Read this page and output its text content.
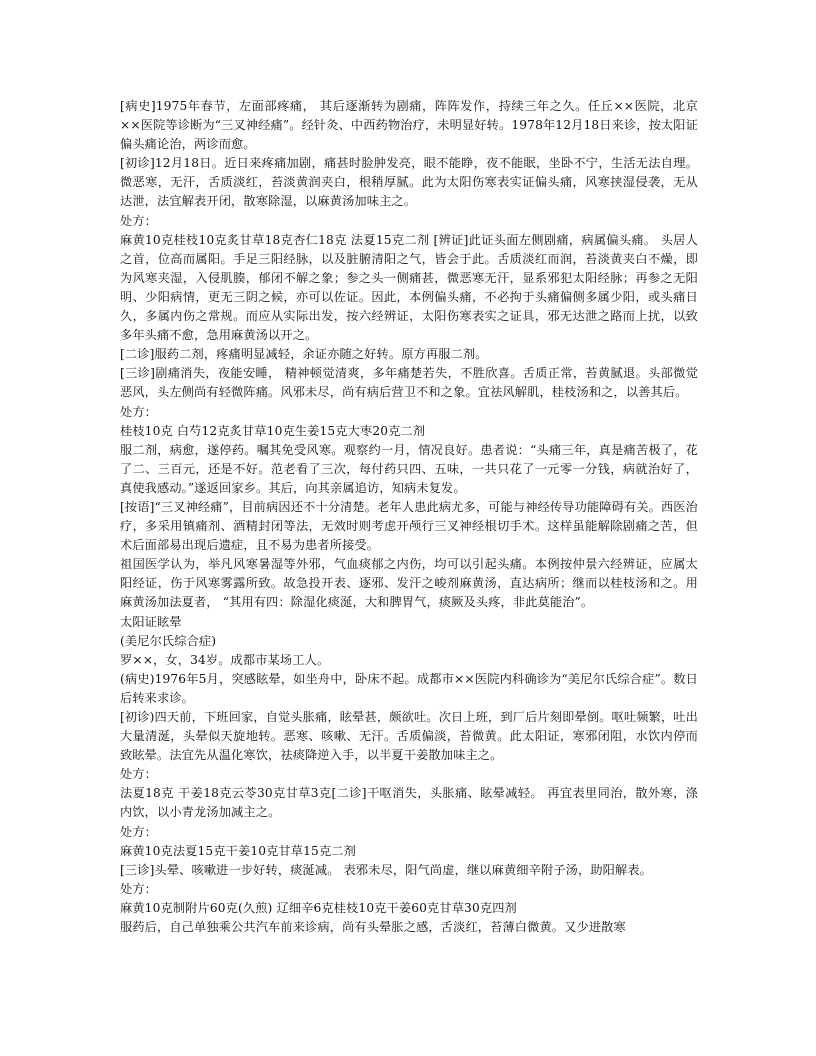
[病史]1975年春节，左面部疼痛， 其后逐渐转为剧痛，阵阵发作，持续三年之久。任丘××医院，北京××医院等诊断为“三叉神经痛”。经针灸、中西药物治疗，未明显好转。1978年12月18日来诊，按太阳证偏头痛论治，两诊而愈。

[初诊]12月18日。近日来疼痛加剧，痛甚时脸肿发亮，眼不能睁，夜不能眠，坐卧不宁，生活无法自理。微恶寒，无汗，舌质淡红，苔淡黄润夹白，根稍厚腻。此为太阳伤寒表实证偏头痛，风寒挟湿侵袭，无从达泄，法宜解表开闭，散寒除湿，以麻黄汤加味主之。

处方：

麻黄10克桂枝10克炙甘草18克杏仁18克 法夏15克二剂 [辨证]此证头面左侧剧痛，病属偏头痛。 头居人之首，位高而属阳。手足三阳经脉，以及脏腑清阳之气，皆会于此。舌质淡红而润，苔淡黄夹白不燥，即为风寒夹湿，入侵肌腠，郁闭不解之象；参之头一侧痛甚，微恶寒无汗，显系邪犯太阳经脉；再参之无阳明、少阳病情，更无三阴之候，亦可以佐证。因此，本例偏头痛，不必拘于头痛偏侧多属少阳，或头痛日久，多属内伤之常规。而应从实际出发，按六经辨证，太阳伤寒表实之证具，邪无达泄之路而上扰，以致多年头痛不愈，急用麻黄汤以开之。

[二诊]服药二剂，疼痛明显减轻，余证亦随之好转。原方再服二剂。

[三诊]剧痛消失，夜能安睡， 精神顿觉清爽，多年痛楚若失，不胜欣喜。舌质正常，苔黄腻退。头部微觉恶风，头左侧尚有轻微阵痛。风邪未尽，尚有病后营卫不和之象。宜祛风解肌，桂枝汤和之，以善其后。

处方：

桂枝10克 白芍12克炙甘草10克生姜15克大枣20克二剂

服二剂，病愈，遂停药。嘱其免受风寒。观察约一月，情况良好。患者说：“头痛三年，真是痛苦极了，花了二、三百元，还是不好。范老看了三次，每付药只四、五味，一共只花了一元零一分钱，病就治好了，真使我感动。”遂返回家乡。其后，向其亲属追访，知病未复发。

[按语]“三叉神经痛”，目前病因还不十分清楚。老年人患此病尤多，可能与神经传导功能障碍有关。西医治疗，多采用镇痛剂、酒精封闭等法，无效时则考虑开颅行三叉神经根切手术。这样虽能解除剧痛之苦，但术后面部易出现后遗症，且不易为患者所接受。

祖国医学认为，举凡风寒暑湿等外邪，气血痰郁之内伤，均可以引起头痛。本例按仲景六经辨证，应属太阳经证，伤于风寒雾露所致。故急投开表、逐邪、发汗之峻剂麻黄汤，直达病所；继而以桂枝汤和之。用麻黄汤加法夏者， “其用有四：除湿化痰涎，大和脾胃气，痰厥及头疼，非此莫能治”。

太阳证眩晕

(美尼尔氏综合症)

罗××，女，34岁。成都市某场工人。

(病史)1976年5月，突感眩晕，如坐舟中，卧床不起。成都市××医院内科确诊为“美尼尔氏综合症”。数日后转来求诊。

[初诊)四天前，下班回家，自觉头胀痛，眩晕甚，颇欲吐。次日上班，到厂后片刻即晕倒。呕吐频繁，吐出大量清涎，头晕似天旋地转。恶寒、咳嗽、无汗。舌质偏淡，苔微黄。此太阳证，寒邪闭阻，水饮内停而致眩晕。法宜先从温化寒饮，祛痰降逆入手，以半夏干姜散加味主之。

处方：

法夏18克 干姜18克云苓30克甘草3克[二诊]干呕消失，头胀痛、眩晕减轻。 再宜表里同治，散外寒，涤内饮，以小青龙汤加减主之。

处方：

麻黄10克法夏15克干姜10克甘草15克二剂

[三诊]头晕、咳嗽进一步好转，痰涎减。 表邪未尽，阳气尚虚，继以麻黄细辛附子汤，助阳解表。

处方：

麻黄10克制附片60克(久煎) 辽细辛6克桂枝10克干姜60克甘草30克四剂

服药后，自己单独乘公共汽车前来诊病，尚有头晕胀之感，舌淡红，苔薄白微黄。又少进散寒
